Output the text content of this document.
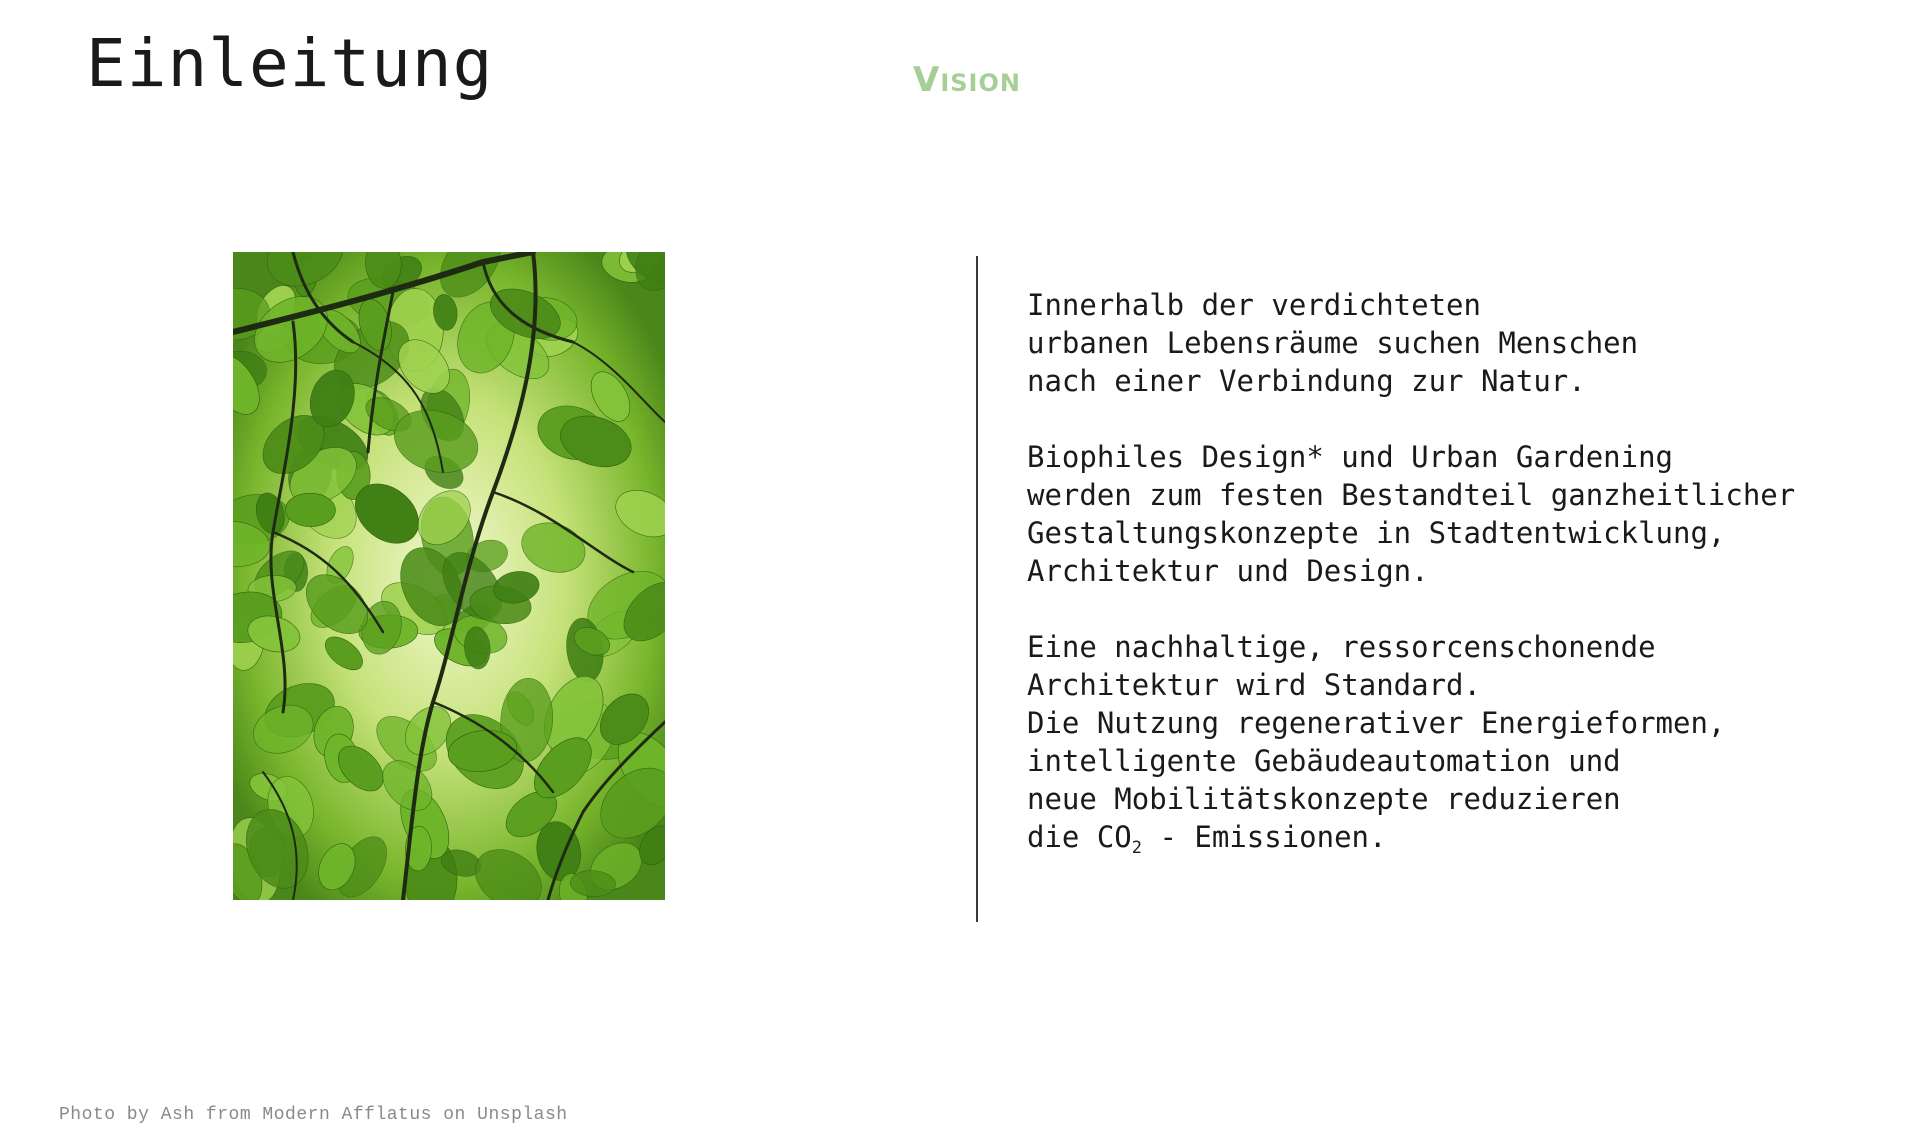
Einleitung	Vision

Innerhalb der verdichteten
urbanen Lebensräume suchen Menschen
nach einer Verbindung zur Natur.

Biophiles Design* und Urban Gardening
werden zum festen Bestandteil ganzheitlicher
Gestaltungskonzepte in Stadtentwicklung,
Architektur und Design.

Eine nachhaltige, ressorcenschonende
Architektur wird Standard.
Die Nutzung regenerativer Energieformen,
intelligente Gebäudeautomation und
neue Mobilitätskonzepte reduzieren
die $CO_2$ - Emissionen.

Photo by Ash from Modern Afflatus on Unsplash
